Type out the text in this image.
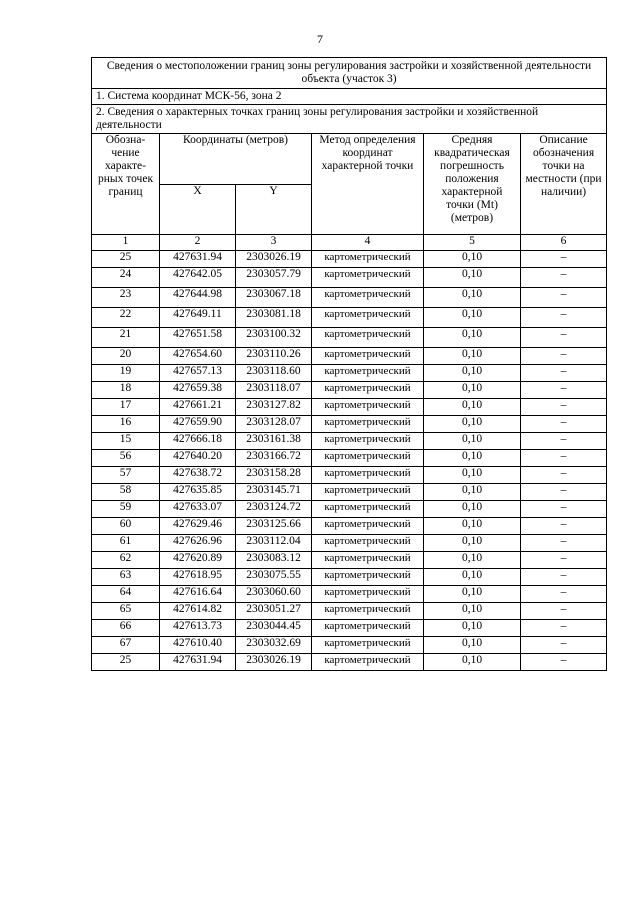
7
Сведения о местоположении границ зоны регулирования застройки и хозяйственной деятельности объекта (участок 3)					
1. Система координат МСК-56, зона 2					
2. Сведения о характерных точках границ зоны регулирования застройки и хозяйственной деятельности					
Обозна-чение характе-рных точек границ	Координаты (метров)		Метод определения координат характерной точки	Средняя квадратическая погрешность положения характерной точки (Mt) (метров)	Описание обозначения точки на местности (при наличии)
	X	Y			
1	2	3	4	5	6
25	427631.94	2303026.19	картометрический	0,10	–
24	427642.05	2303057.79	картометрический	0,10	–
23	427644.98	2303067.18	картометрический	0,10	–
22	427649.11	2303081.18	картометрический	0,10	–
21	427651.58	2303100.32	картометрический	0,10	–
20	427654.60	2303110.26	картометрический	0,10	–
19	427657.13	2303118.60	картометрический	0,10	–
18	427659.38	2303118.07	картометрический	0,10	–
17	427661.21	2303127.82	картометрический	0,10	–
16	427659.90	2303128.07	картометрический	0,10	–
15	427666.18	2303161.38	картометрический	0,10	–
56	427640.20	2303166.72	картометрический	0,10	–
57	427638.72	2303158.28	картометрический	0,10	–
58	427635.85	2303145.71	картометрический	0,10	–
59	427633.07	2303124.72	картометрический	0,10	–
60	427629.46	2303125.66	картометрический	0,10	–
61	427626.96	2303112.04	картометрический	0,10	–
62	427620.89	2303083.12	картометрический	0,10	–
63	427618.95	2303075.55	картометрический	0,10	–
64	427616.64	2303060.60	картометрический	0,10	–
65	427614.82	2303051.27	картометрический	0,10	–
66	427613.73	2303044.45	картометрический	0,10	–
67	427610.40	2303032.69	картометрический	0,10	–
25	427631.94	2303026.19	картометрический	0,10	–
